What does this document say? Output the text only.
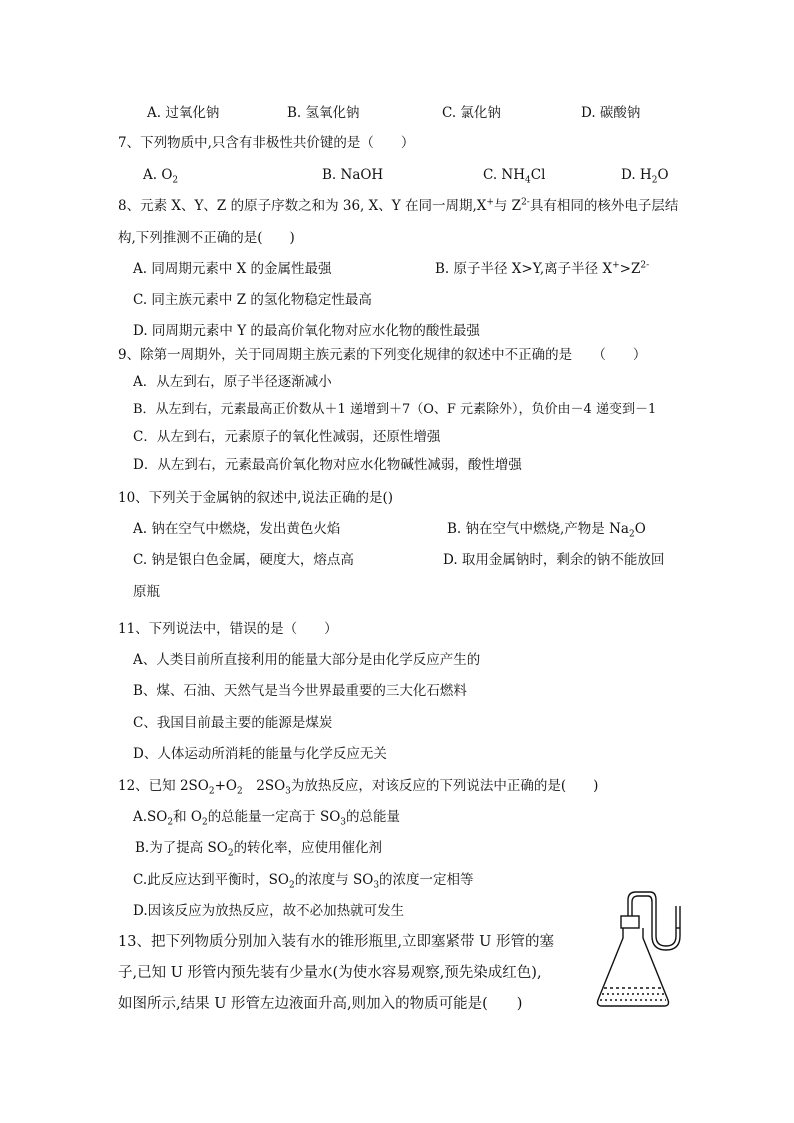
A. 过氧化钠	B. 氢氧化钠	C. 氯化钠	D. 碳酸钠
7、下列物质中,只含有非极性共价键的是（　　）
A. $O_2$	B. NaOH	C. $NH_4Cl$	D. $H_2O$
8、元素 X、Y、Z 的原子序数之和为 36, X、Y 在同一周期,X+与 $Z^{2-}$具有相同的核外电子层结
构,下列推测不正确的是(　　)
A. 同周期元素中 X 的金属性最强	B. 原子半径 X>Y,离子半径 $X^+>Z^{2-}$
C. 同主族元素中 Z 的氢化物稳定性最高
D. 同周期元素中 Y 的最高价氧化物对应水化物的酸性最强
9、除第一周期外，关于同周期主族元素的下列变化规律的叙述中不正确的是　　（　　）
A．从左到右，原子半径逐渐减小
B．从左到右，元素最高正价数从＋1 递增到＋7（O、F 元素除外），负价由－4 递变到－1
C．从左到右，元素原子的氧化性减弱，还原性增强
D．从左到右，元素最高价氧化物对应水化物碱性减弱，酸性增强
10、下列关于金属钠的叙述中,说法正确的是()
A. 钠在空气中燃烧，发出黄色火焰	B. 钠在空气中燃烧,产物是 $Na_2O$
C. 钠是银白色金属，硬度大，熔点高	D. 取用金属钠时，剩余的钠不能放回
原瓶
11、下列说法中，错误的是（　　）
A、人类目前所直接利用的能量大部分是由化学反应产生的
B、煤、石油、天然气是当今世界最重要的三大化石燃料
C、我国目前最主要的能源是煤炭
D、人体运动所消耗的能量与化学反应无关
12、已知 $2SO_2+O_2$　$2SO_3$为放热反应，对该反应的下列说法中正确的是(　　)
$A.SO_2$和 $O_2$的总能量一定高于 $SO_3$的总能量
B.为了提高 $SO_2$的转化率，应使用催化剂
C.此反应达到平衡时，$SO_2$的浓度与 $SO_3$的浓度一定相等
D.因该反应为放热反应，故不必加热就可发生
13、把下列物质分别加入装有水的锥形瓶里,立即塞紧带 U 形管的塞
子,已知 U 形管内预先装有少量水(为使水容易观察,预先染成红色),
如图所示,结果 U 形管左边液面升高,则加入的物质可能是(　　)
